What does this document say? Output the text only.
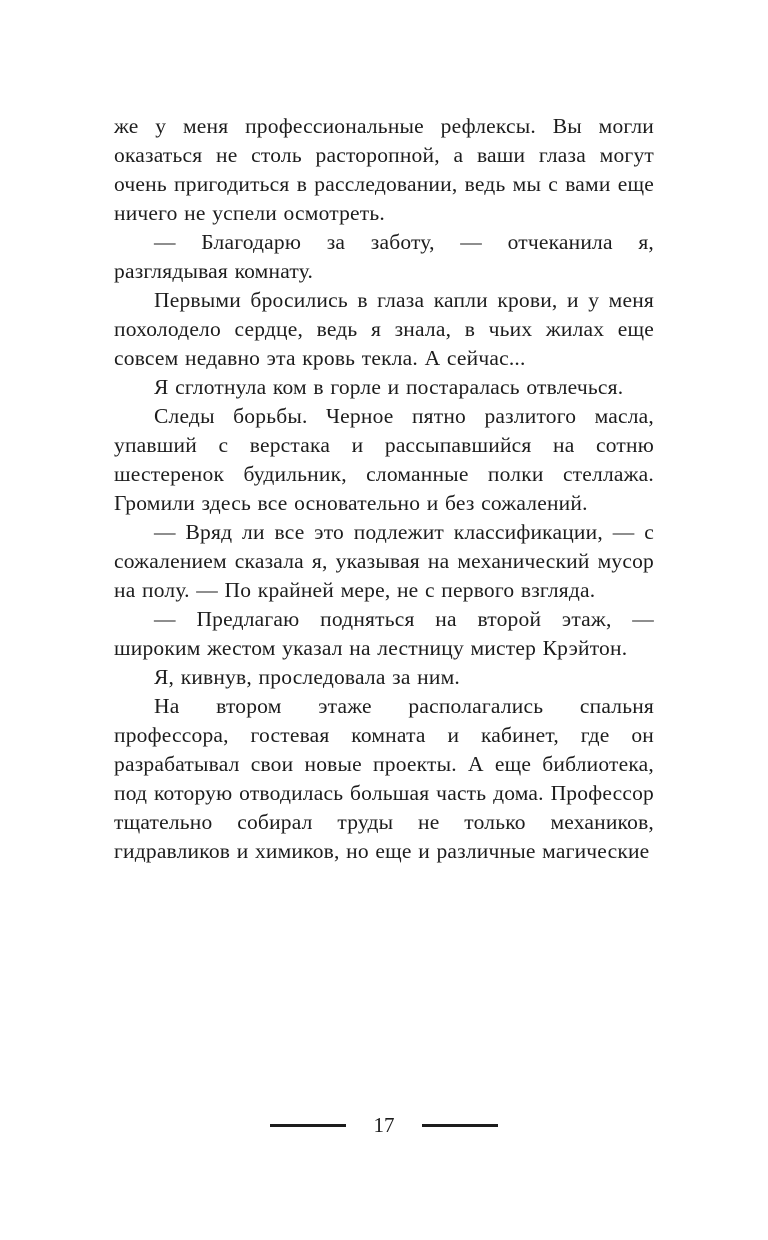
же у меня профессиональные рефлексы. Вы могли оказаться не столь расторопной, а ваши глаза могут очень пригодиться в расследовании, ведь мы с вами еще ничего не успели осмотреть.

— Благодарю за заботу, — отчеканила я, разглядывая комнату.

Первыми бросились в глаза капли крови, и у меня похолодело сердце, ведь я знала, в чьих жилах еще совсем недавно эта кровь текла. А сейчас...

Я сглотнула ком в горле и постаралась отвлечься.

Следы борьбы. Черное пятно разлитого масла, упавший с верстака и рассыпавшийся на сотню шестеренок будильник, сломанные полки стеллажа. Громили здесь все основательно и без сожалений.

— Вряд ли все это подлежит классификации, — с сожалением сказала я, указывая на механический мусор на полу. — По крайней мере, не с первого взгляда.

— Предлагаю подняться на второй этаж, — широким жестом указал на лестницу мистер Крэйтон.

Я, кивнув, проследовала за ним.

На втором этаже располагались спальня профессора, гостевая комната и кабинет, где он разрабатывал свои новые проекты. А еще библиотека, под которую отводилась большая часть дома. Профессор тщательно собирал труды не только механиков, гидравликов и химиков, но еще и различные магические

17
